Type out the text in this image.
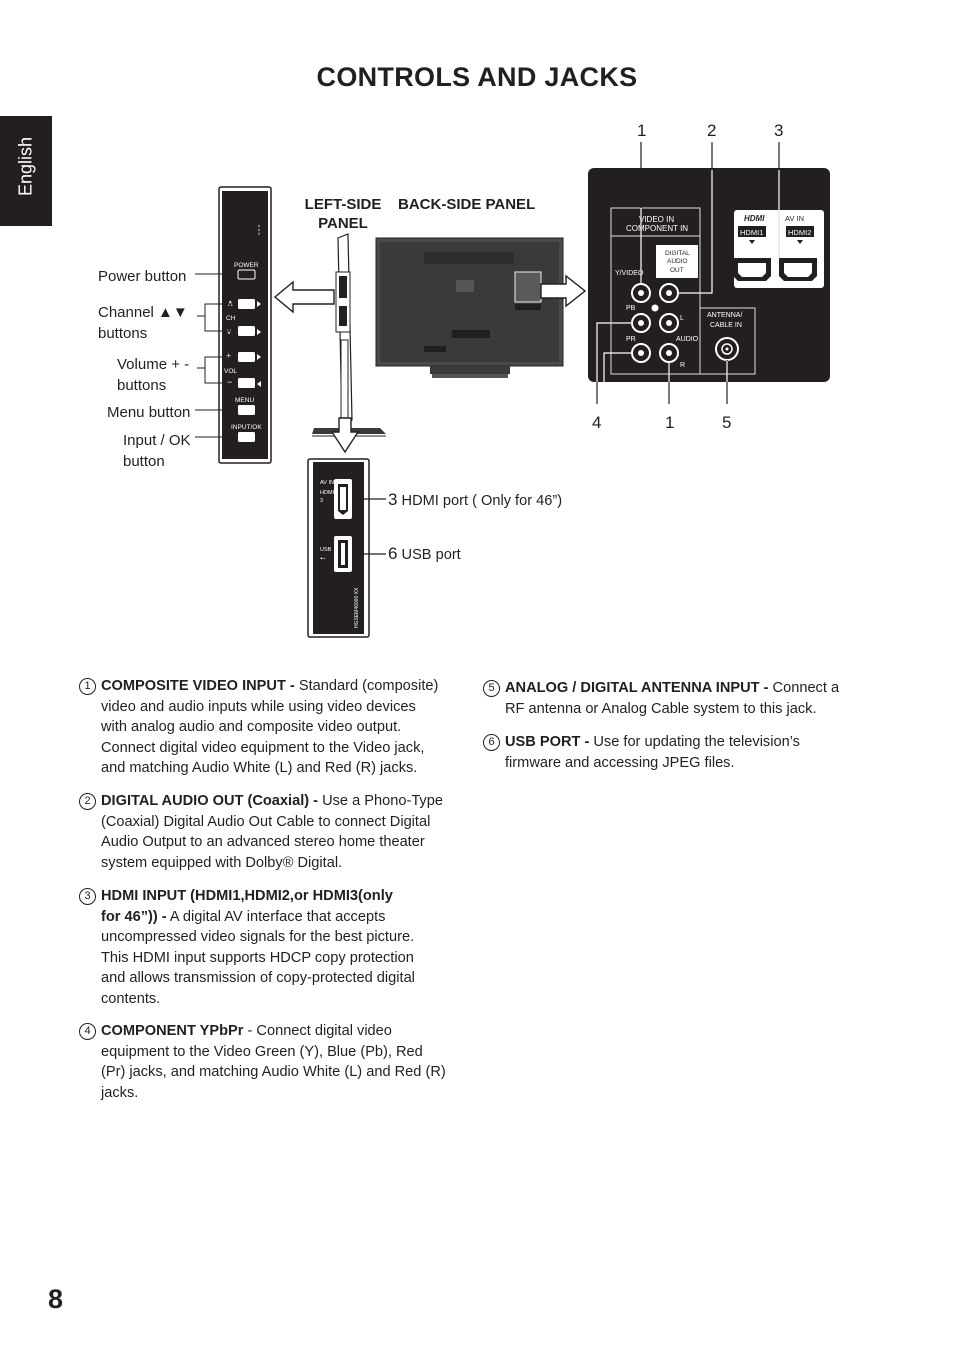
CONTROLS AND JACKS
English
8
Power button
Channel ▲▼
buttons
Volume + -
buttons
Menu button
Input / OK
button
LEFT-SIDE
PANEL
BACK-SIDE PANEL
^ ^ ^
POWER
CH
∧
v
+
VOL
−
MENU
INPUT/OK
VIDEO IN
COMPONENT IN
Y/VIDEO
DIGITAL
AUDIO
OUT
PB
PR
L
AUDIO
R
HDMI	AV IN
HDMI1	HDMI2
ANTENNA/
CABLE IN
1	2	3
4	1	5
AV IN
HDMI
3
USB
⭠
HGSEM46000 XX
3 HDMI port ( Only for 46”)
6 USB port
1 COMPOSITE VIDEO INPUT - Standard (composite)
video and audio inputs while using video devices
with analog audio and composite video output.
Connect digital video equipment to the Video jack,
and matching Audio White (L) and Red (R) jacks.
2 DIGITAL AUDIO OUT (Coaxial) - Use a Phono-Type
(Coaxial) Digital Audio Out Cable to connect Digital
Audio Output to an advanced stereo home theater
system equipped with Dolby® Digital.
3 HDMI INPUT (HDMI1,HDMI2,or HDMI3(only
for 46”)) - A digital AV interface that accepts
uncompressed video signals for the best picture.
This HDMI input supports HDCP copy protection
and allows transmission of copy-protected digital
contents.
4 COMPONENT YPbPr - Connect digital video
equipment to the Video Green (Y), Blue (Pb), Red
(Pr) jacks, and matching Audio White (L) and Red (R)
jacks.
5 ANALOG / DIGITAL ANTENNA INPUT - Connect a
RF antenna or Analog Cable system to this jack.
6 USB PORT - Use for updating the television’s
firmware and accessing JPEG files.
